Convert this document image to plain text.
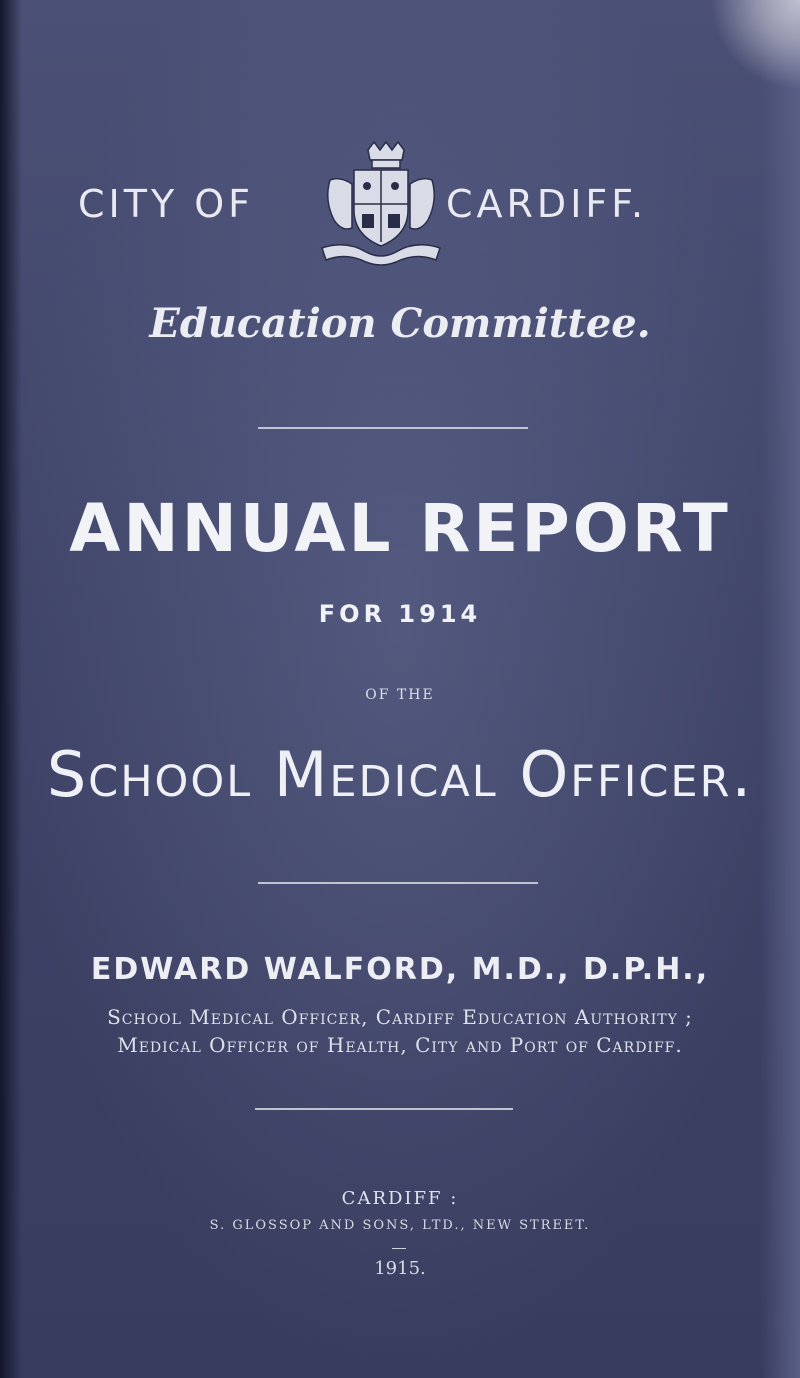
CITY OF	CARDIFF.
Education Committee.
ANNUAL REPORT
FOR 1914
OF THE
School Medical Officer.
EDWARD WALFORD, M.D., D.P.H.,
School Medical Officer, Cardiff Education Authority ;
Medical Officer of Health, City and Port of Cardiff.
CARDIFF :
S. GLOSSOP AND SONS, LTD., NEW STREET.
1915.
